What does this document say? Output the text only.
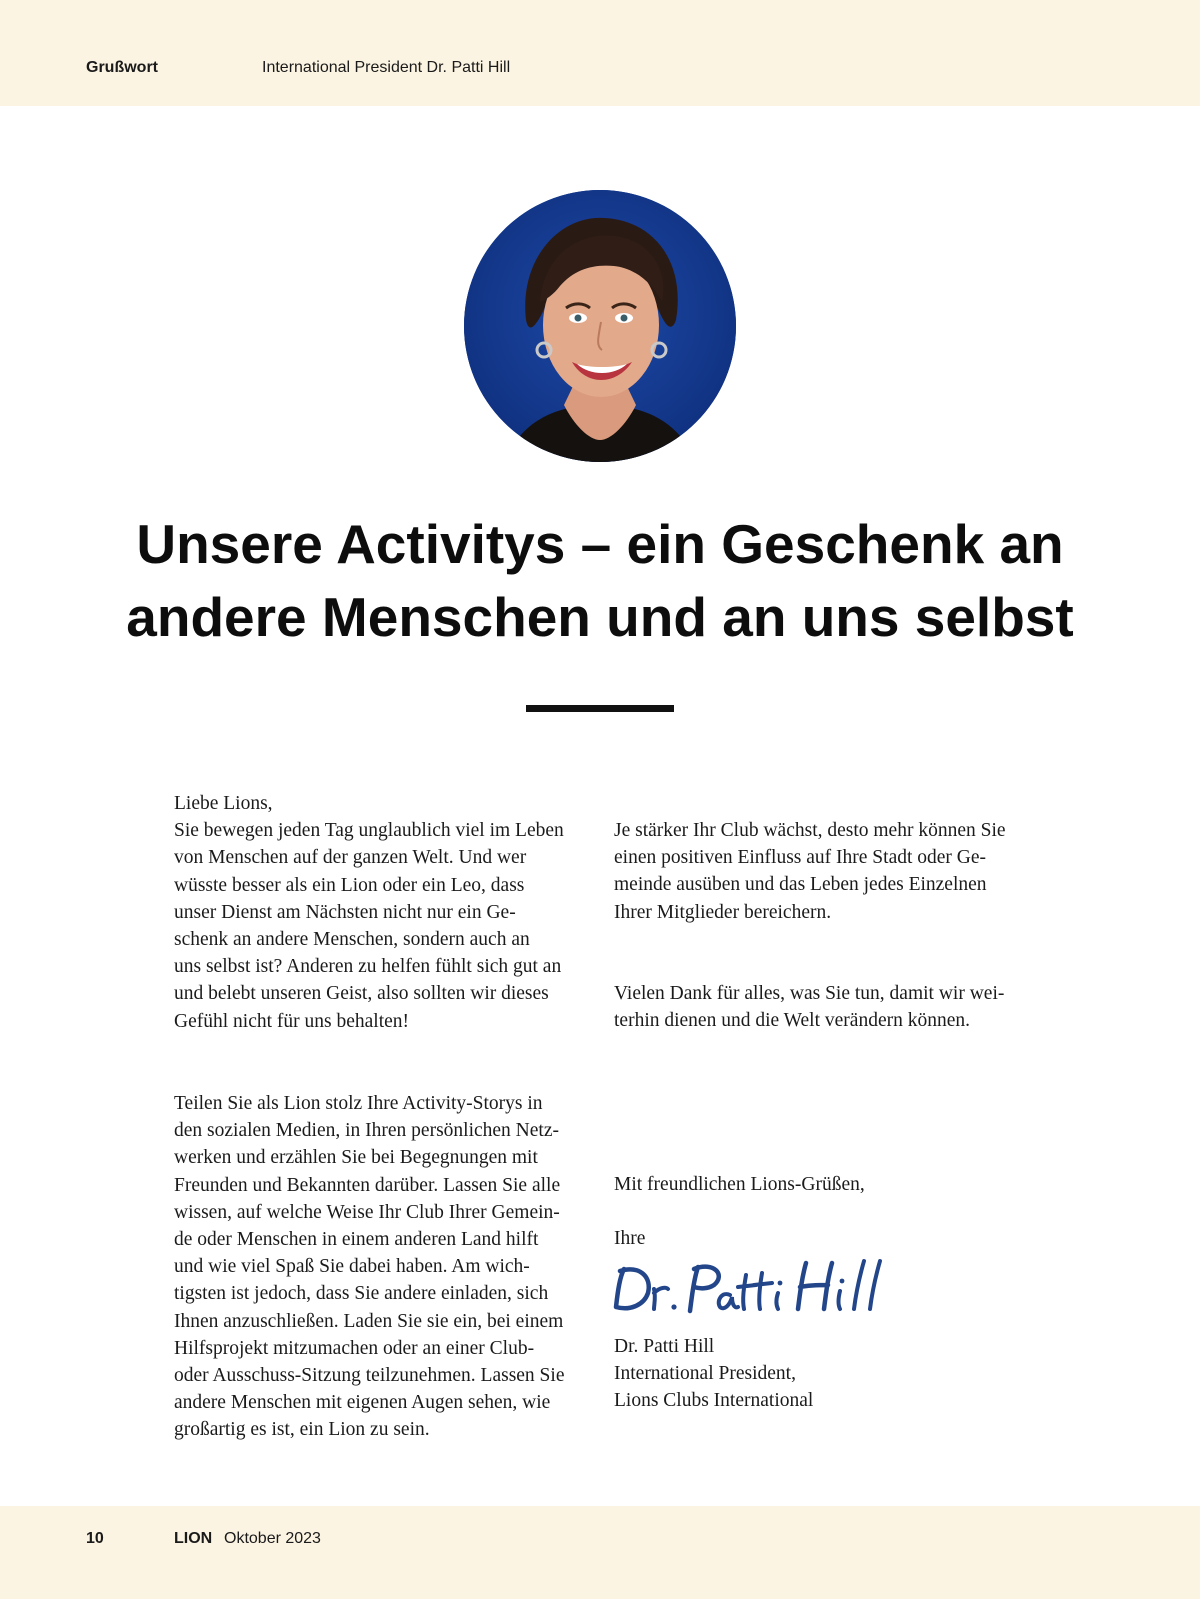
Grußwort	International President Dr. Patti Hill
Unsere Activitys – ein Geschenk an
andere Menschen und an uns selbst

Liebe Lions,

Sie bewegen jeden Tag unglaublich viel im Leben

von Menschen auf der ganzen Welt. Und wer

wüsste besser als ein Lion oder ein Leo, dass

unser Dienst am Nächsten nicht nur ein Ge-

schenk an andere Menschen, sondern auch an

uns selbst ist? Anderen zu helfen fühlt sich gut an

und belebt unseren Geist, also sollten wir dieses

Gefühl nicht für uns behalten!

Teilen Sie als Lion stolz Ihre Activity-Storys in

den sozialen Medien, in Ihren persönlichen Netz-

werken und erzählen Sie bei Begegnungen mit

Freunden und Bekannten darüber. Lassen Sie alle

wissen, auf welche Weise Ihr Club Ihrer Gemein-

de oder Menschen in einem anderen Land hilft

und wie viel Spaß Sie dabei haben. Am wich-

tigsten ist jedoch, dass Sie andere einladen, sich

Ihnen anzuschließen. Laden Sie sie ein, bei einem

Hilfsprojekt mitzumachen oder an einer Club-

oder Ausschuss-Sitzung teilzunehmen. Lassen Sie

andere Menschen mit eigenen Augen sehen, wie

großartig es ist, ein Lion zu sein.

Je stärker Ihr Club wächst, desto mehr können Sie

einen positiven Einfluss auf Ihre Stadt oder Ge-

meinde ausüben und das Leben jedes Einzelnen

Ihrer Mitglieder bereichern.

Vielen Dank für alles, was Sie tun, damit wir wei-

terhin dienen und die Welt verändern können.

Mit freundlichen Lions-Grüßen,

Ihre

Dr. Patti Hill

International President,

Lions Clubs International

10	LION Oktober 2023
